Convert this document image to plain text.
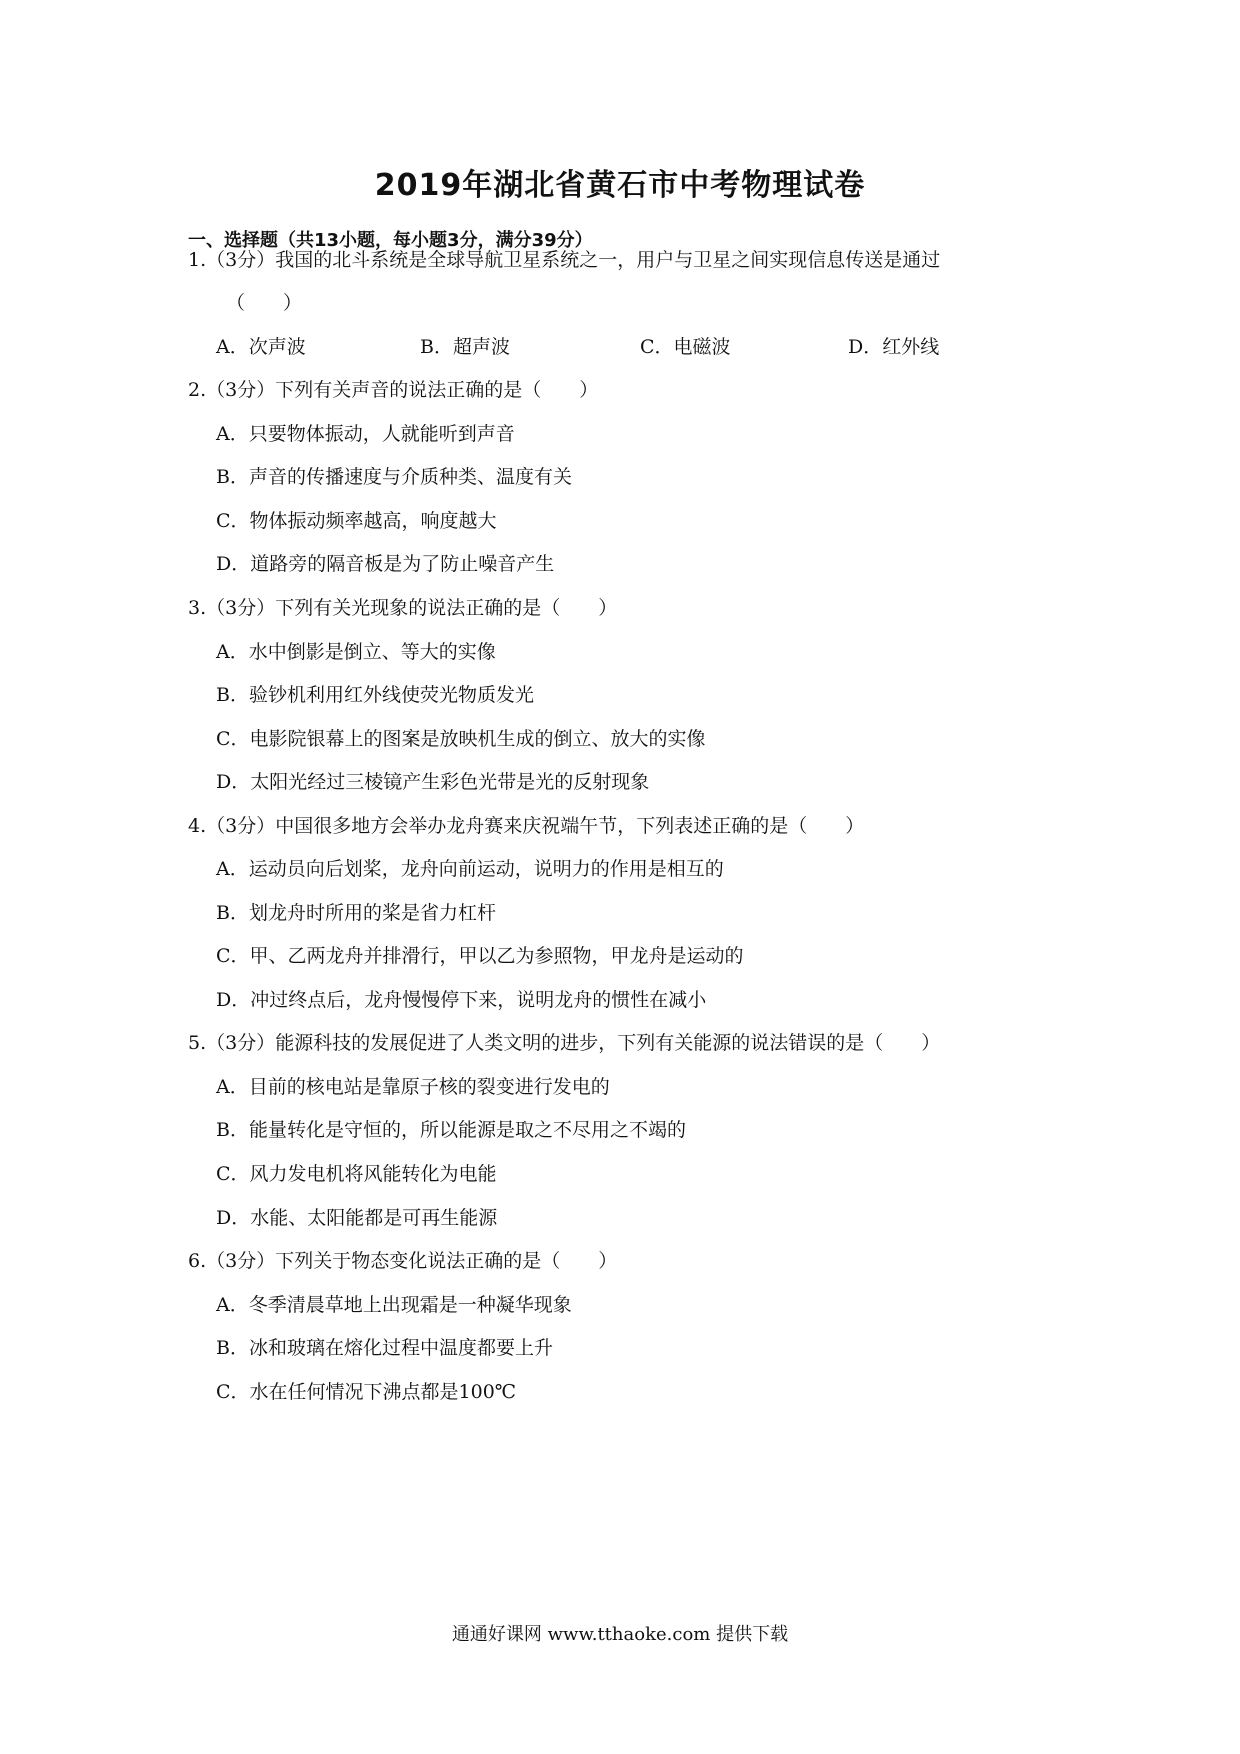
2019年湖北省黄石市中考物理试卷
一、选择题（共13小题，每小题3分，满分39分）
1.（3分）我国的北斗系统是全球导航卫星系统之一，用户与卫星之间实现信息传送是通过
（　　）
A．次声波	B．超声波	C．电磁波	D．红外线
2.（3分）下列有关声音的说法正确的是（　　）
A．只要物体振动，人就能听到声音
B．声音的传播速度与介质种类、温度有关
C．物体振动频率越高，响度越大
D．道路旁的隔音板是为了防止噪音产生
3.（3分）下列有关光现象的说法正确的是（　　）
A．水中倒影是倒立、等大的实像
B．验钞机利用红外线使荧光物质发光
C．电影院银幕上的图案是放映机生成的倒立、放大的实像
D．太阳光经过三棱镜产生彩色光带是光的反射现象
4.（3分）中国很多地方会举办龙舟赛来庆祝端午节，下列表述正确的是（　　）
A．运动员向后划桨，龙舟向前运动，说明力的作用是相互的
B．划龙舟时所用的桨是省力杠杆
C．甲、乙两龙舟并排滑行，甲以乙为参照物，甲龙舟是运动的
D．冲过终点后，龙舟慢慢停下来，说明龙舟的惯性在减小
5.（3分）能源科技的发展促进了人类文明的进步，下列有关能源的说法错误的是（　　）
A．目前的核电站是靠原子核的裂变进行发电的
B．能量转化是守恒的，所以能源是取之不尽用之不竭的
C．风力发电机将风能转化为电能
D．水能、太阳能都是可再生能源
6.（3分）下列关于物态变化说法正确的是（　　）
A．冬季清晨草地上出现霜是一种凝华现象
B．冰和玻璃在熔化过程中温度都要上升
C．水在任何情况下沸点都是100℃
通通好课网 www.tthaoke.com 提供下载
